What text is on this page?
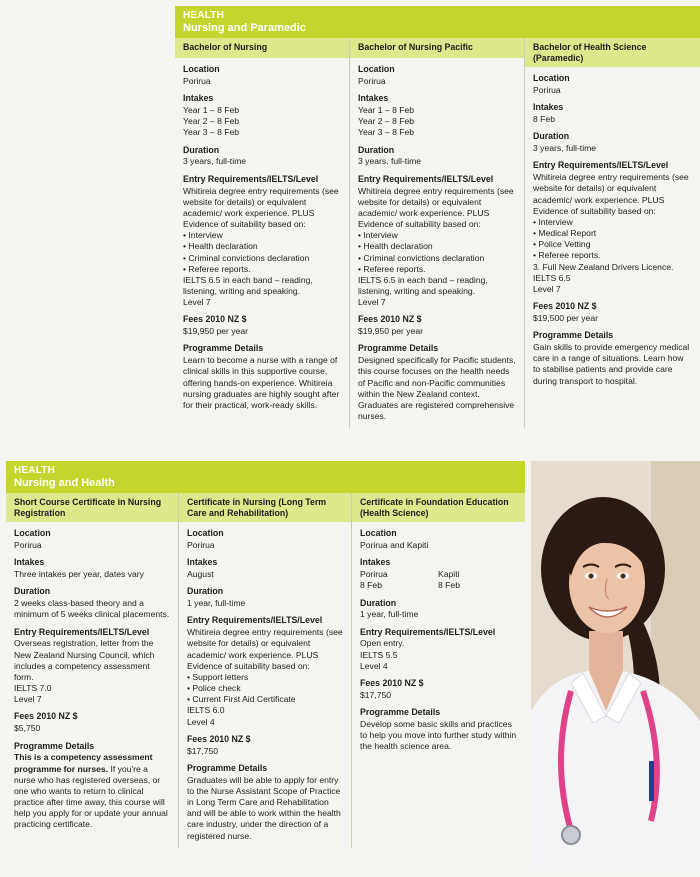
HEALTH
Nursing and Paramedic
Bachelor of Nursing
Location
Porirua
Intakes
Year 1 – 8 Feb
Year 2 – 8 Feb
Year 3 – 8 Feb
Duration
3 years, full-time
Entry Requirements/IELTS/Level
Whitireia degree entry requirements (see website for details) or equivalent academic/ work experience. PLUS
Evidence of suitability based on:
• Interview
• Health declaration
• Criminal convictions declaration
• Referee reports.
IELTS 6.5 in each band – reading, listening, writing and speaking.
Level 7
Fees 2010 NZ $
$19,950 per year
Programme Details
Learn to become a nurse with a range of clinical skills in this supportive course, offering hands-on experience. Whitireia nursing graduates are highly sought after for their practical, work-ready skills.
Bachelor of Nursing Pacific
Location
Porirua
Intakes
Year 1 – 8 Feb
Year 2 – 8 Feb
Year 3 – 8 Feb
Duration
3 years, full-time
Entry Requirements/IELTS/Level
Whitireia degree entry requirements (see website for details) or equivalent academic/ work experience. PLUS
Evidence of suitability based on:
• Interview
• Health declaration
• Criminal convictions declaration
• Referee reports.
IELTS 6.5 in each band – reading, listening, writing and speaking.
Level 7
Fees 2010 NZ $
$19,950 per year
Programme Details
Designed specifically for Pacific students, this course focuses on the health needs of Pacific and non-Pacific communities within the New Zealand context. Graduates are registered comprehensive nurses.
Bachelor of Health Science (Paramedic)
Location
Porirua
Intakes
8 Feb
Duration
3 years, full-time
Entry Requirements/IELTS/Level
Whitireia degree entry requirements (see website for details) or equivalent academic/ work experience. PLUS
Evidence of suitability based on:
• Interview
• Medical Report
• Police Vetting
• Referee reports.
3. Full New Zealand Drivers Licence.
IELTS 6.5
Level 7
Fees 2010 NZ $
$19,500 per year
Programme Details
Gain skills to provide emergency medical care in a range of situations. Learn how to stabilise patients and provide care during transport to hospital.
HEALTH
Nursing and Health
Short Course Certificate in Nursing Registration
Location
Porirua
Intakes
Three intakes per year, dates vary
Duration
2 weeks class-based theory and a minimum of 5 weeks clinical placements.
Entry Requirements/IELTS/Level
Overseas registration, letter from the New Zealand Nursing Council, which includes a competency assessment form.
IELTS 7.0
Level 7
Fees 2010 NZ $
$5,750
Programme Details
This is a competency assessment programme for nurses. If you're a nurse who has registered overseas, or one who wants to return to clinical practice after time away, this course will help you apply for or update your annual practicing certificate.
Certificate in Nursing (Long Term Care and Rehabilitation)
Location
Porirua
Intakes
August
Duration
1 year, full-time
Entry Requirements/IELTS/Level
Whitireia degree entry requirements (see website for details) or equivalent academic/ work experience. PLUS
Evidence of suitability based on:
• Support letters
• Police check
• Current First Aid Certificate
IELTS 6.0
Level 4
Fees 2010 NZ $
$17,750
Programme Details
Graduates will be able to apply for entry to the Nurse Assistant Scope of Practice in Long Term Care and Rehabilitation and will be able to work within the health care industry, under the direction of a registered nurse.
Certificate in Foundation Education (Health Science)
Location
Porirua and Kapiti
Intakes
Porirua
8 Feb
Kapiti
8 Feb
Duration
1 year, full-time
Entry Requirements/IELTS/Level
Open entry.
IELTS 5.5
Level 4
Fees 2010 NZ $
$17,750
Programme Details
Develop some basic skills and practices to help you move into further study within the health science area.
